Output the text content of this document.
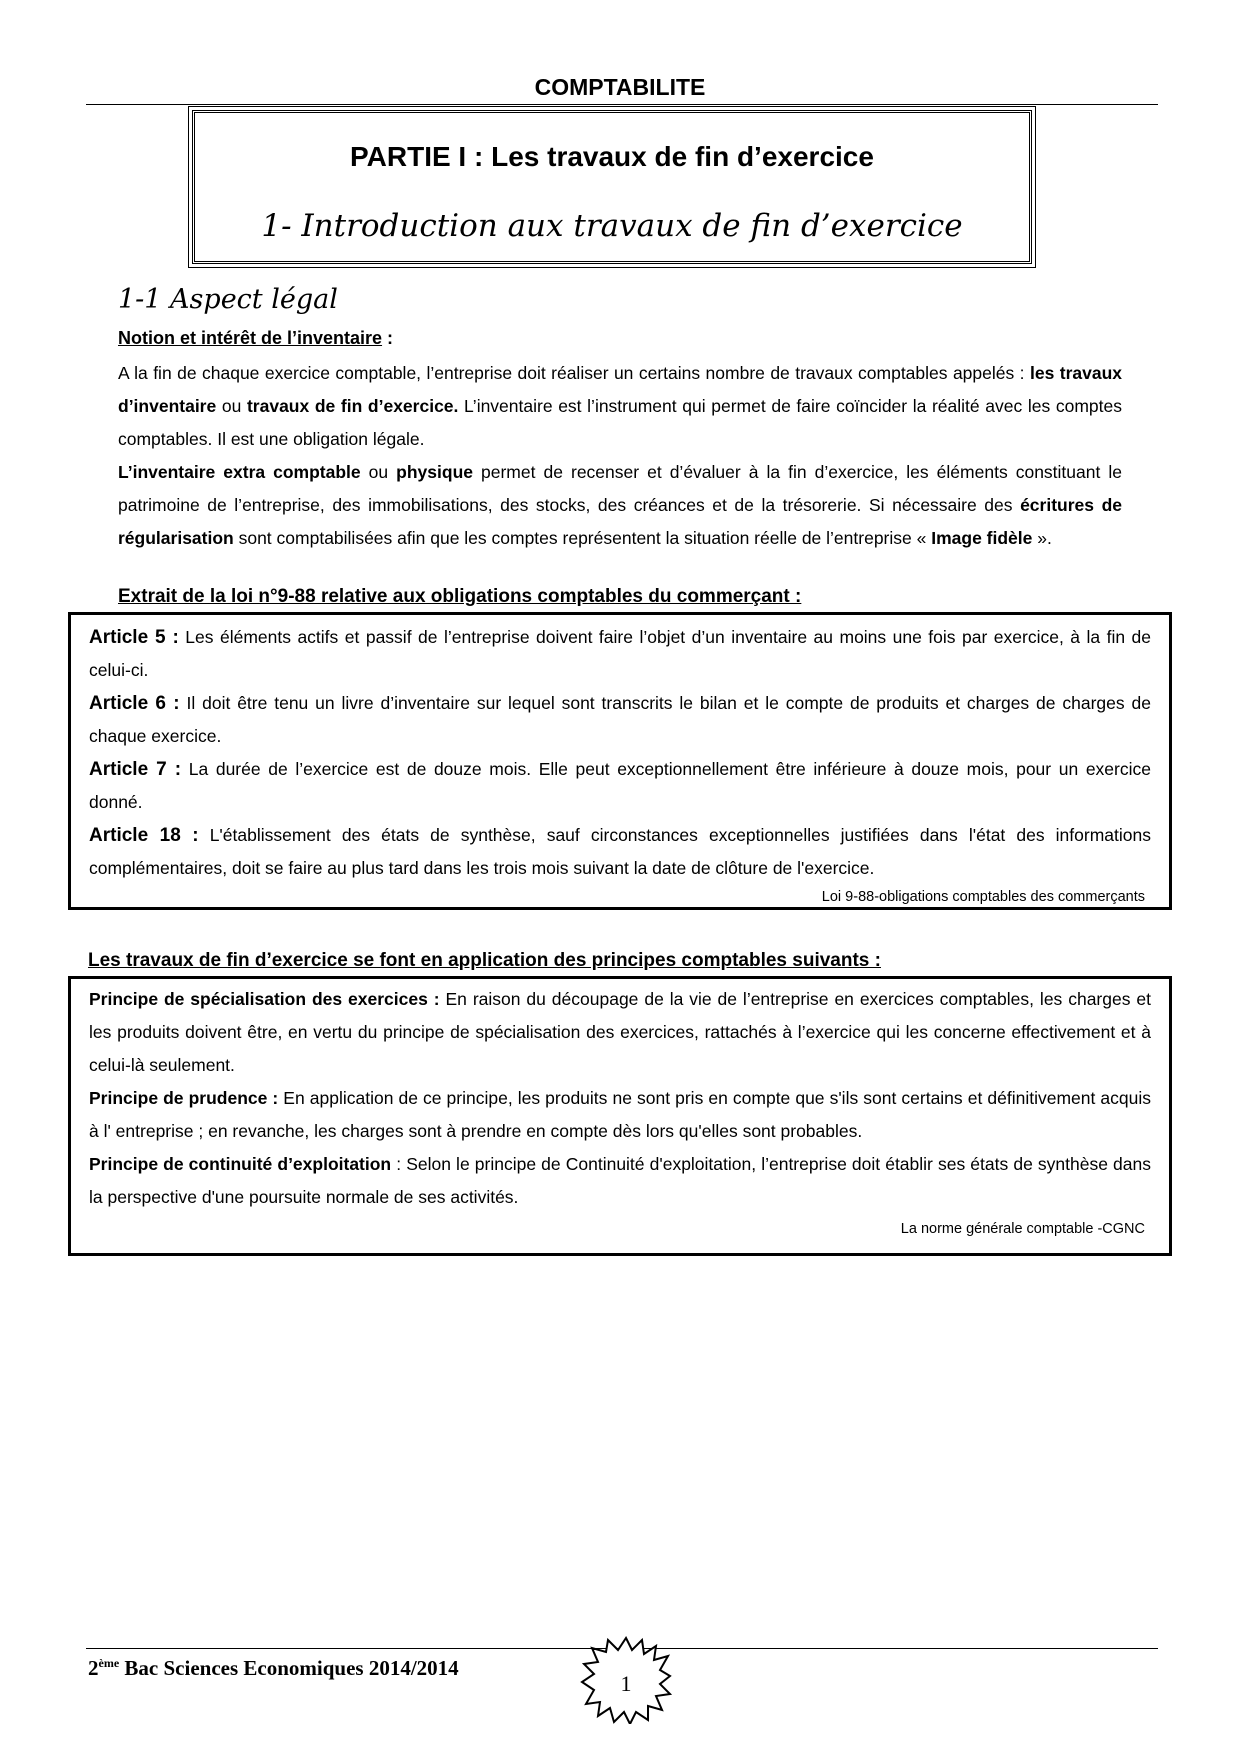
COMPTABILITE
PARTIE I : Les travaux de fin d’exercice
1- Introduction aux travaux de fin d’exercice
1-1 Aspect légal
Notion et intérêt de l’inventaire :
A la fin de chaque exercice comptable, l’entreprise doit réaliser un certains nombre de travaux comptables appelés : les travaux d’inventaire ou travaux de fin d’exercice. L’inventaire est l’instrument qui permet de faire coïncider la réalité avec les comptes comptables. Il est une obligation légale.
L’inventaire extra comptable ou physique permet de recenser et d’évaluer à la fin d’exercice, les éléments constituant le patrimoine de l’entreprise, des immobilisations, des stocks, des créances et de la trésorerie. Si nécessaire des écritures de régularisation sont comptabilisées afin que les comptes représentent la situation réelle de l’entreprise « Image fidèle ».
Extrait de la loi n°9-88 relative aux obligations comptables du commerçant :
Article 5 : Les éléments actifs et passif de l’entreprise doivent faire l’objet d’un inventaire au moins une fois par exercice, à la fin de celui-ci.
Article 6 : Il doit être tenu un livre d’inventaire sur lequel sont transcrits le bilan et le compte de produits et charges de charges de chaque exercice.
Article 7 : La durée de l’exercice est de douze mois. Elle peut exceptionnellement être inférieure à douze mois, pour un exercice donné.
Article 18 : L'établissement des états de synthèse, sauf circonstances exceptionnelles justifiées dans l'état des informations complémentaires, doit se faire au plus tard dans les trois mois suivant la date de clôture de l'exercice.
Loi 9-88-obligations comptables des commerçants
Les travaux de fin d’exercice se font en application des principes comptables suivants :
Principe de spécialisation des exercices : En raison du découpage de la vie de l’entreprise en exercices comptables, les charges et les produits doivent être, en vertu du principe de spécialisation des exercices, rattachés à l’exercice qui les concerne effectivement et à celui-là seulement.
Principe de prudence : En application de ce principe, les produits ne sont pris en compte que s'ils sont certains et définitivement acquis à l' entreprise ; en revanche, les charges sont à prendre en compte dès lors qu'elles sont probables.
Principe de continuité d’exploitation : Selon le principe de Continuité d'exploitation, l’entreprise doit établir ses états de synthèse dans la perspective d'une poursuite normale de ses activités.
La norme générale comptable -CGNC
2ème Bac Sciences Economiques 2014/2014
1
